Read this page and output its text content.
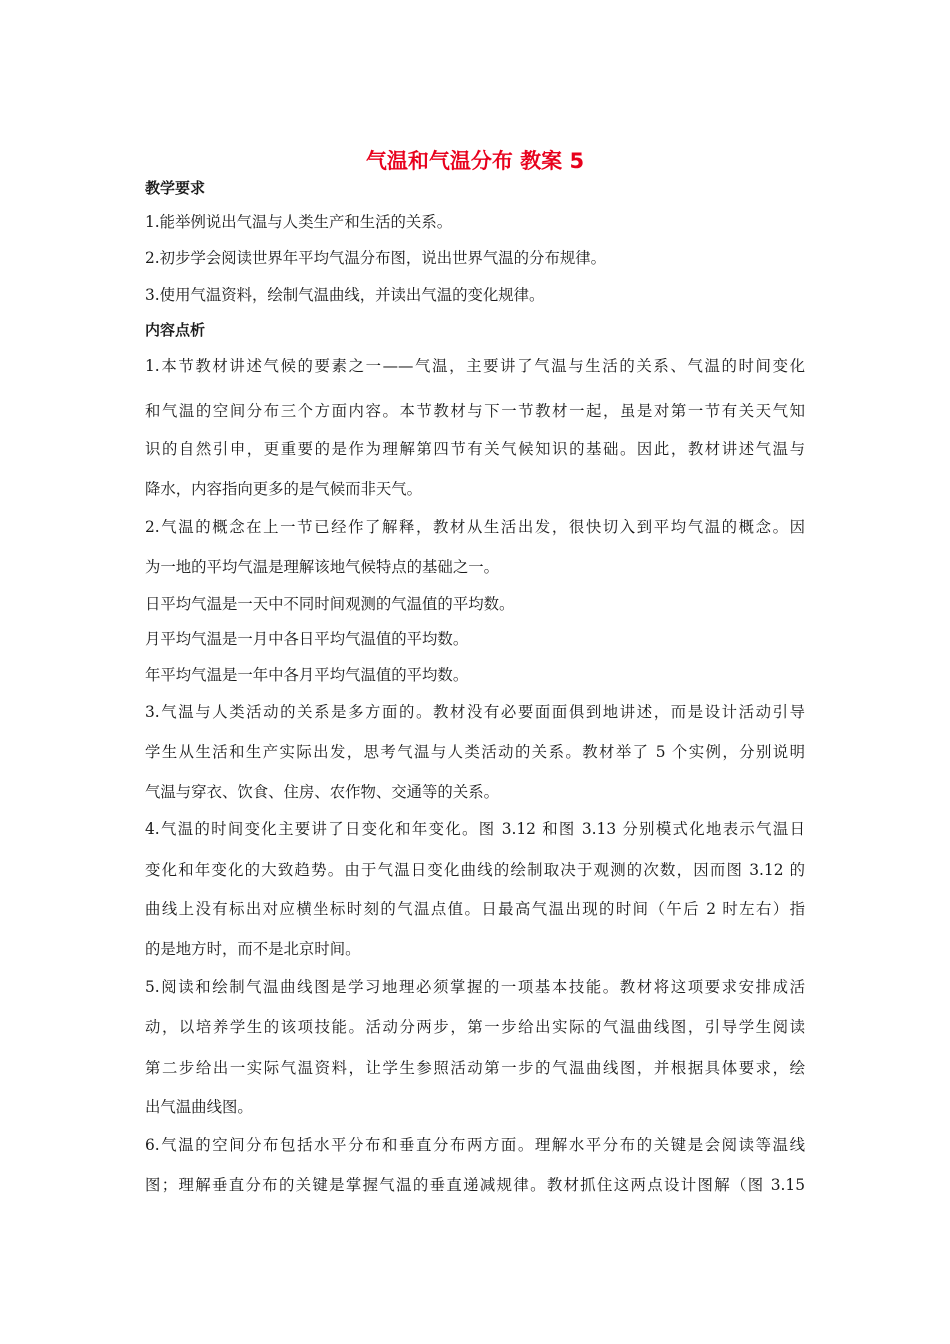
气温和气温分布 教案 5
教学要求
1.能举例说出气温与人类生产和生活的关系。
2.初步学会阅读世界年平均气温分布图，说出世界气温的分布规律。
3.使用气温资料，绘制气温曲线，并读出气温的变化规律。
内容点析
1.本节教材讲述气候的要素之一——气温，主要讲了气温与生活的关系、气温的时间变化
和气温的空间分布三个方面内容。本节教材与下一节教材一起，虽是对第一节有关天气知
识的自然引申，更重要的是作为理解第四节有关气候知识的基础。因此，教材讲述气温与
降水，内容指向更多的是气候而非天气。
2.气温的概念在上一节已经作了解释，教材从生活出发，很快切入到平均气温的概念。因
为一地的平均气温是理解该地气候特点的基础之一。
日平均气温是一天中不同时间观测的气温值的平均数。
月平均气温是一月中各日平均气温值的平均数。
年平均气温是一年中各月平均气温值的平均数。
3.气温与人类活动的关系是多方面的。教材没有必要面面俱到地讲述，而是设计活动引导
学生从生活和生产实际出发，思考气温与人类活动的关系。教材举了 5 个实例，分别说明
气温与穿衣、饮食、住房、农作物、交通等的关系。
4.气温的时间变化主要讲了日变化和年变化。图 3.12 和图 3.13 分别模式化地表示气温日
变化和年变化的大致趋势。由于气温日变化曲线的绘制取决于观测的次数，因而图 3.12 的
曲线上没有标出对应横坐标时刻的气温点值。日最高气温出现的时间（午后 2 时左右）指
的是地方时，而不是北京时间。
5.阅读和绘制气温曲线图是学习地理必须掌握的一项基本技能。教材将这项要求安排成活
动，以培养学生的该项技能。活动分两步，第一步给出实际的气温曲线图，引导学生阅读
第二步给出一实际气温资料，让学生参照活动第一步的气温曲线图，并根据具体要求，绘
出气温曲线图。
6.气温的空间分布包括水平分布和垂直分布两方面。理解水平分布的关键是会阅读等温线
图；理解垂直分布的关键是掌握气温的垂直递减规律。教材抓住这两点设计图解（图 3.15
